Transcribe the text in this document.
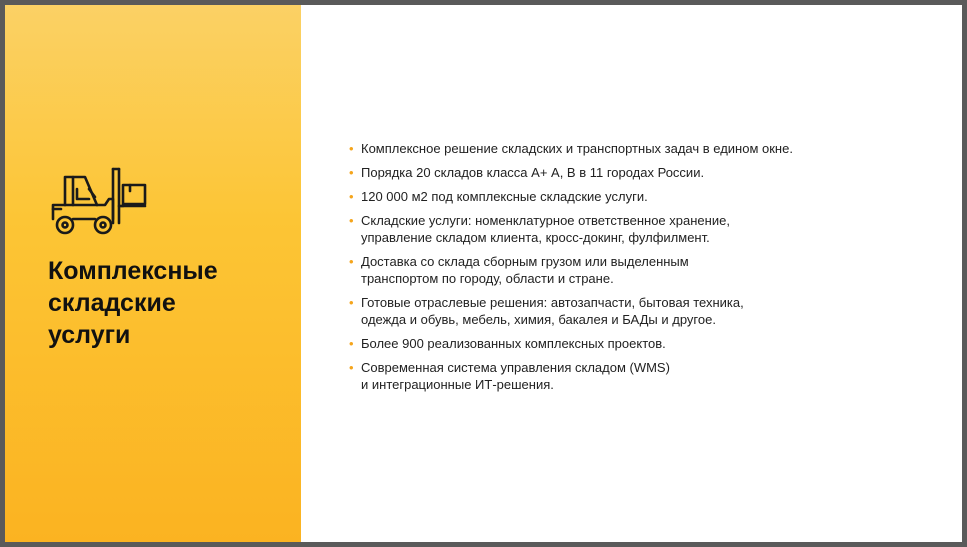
Комплексные
складские
услуги
• Комплексное решение складских и транспортных задач в едином окне.
• Порядка 20 складов класса А+ А, В в 11 городах России.
• 120 000 м2 под комплексные складские услуги.
• Складские услуги: номенклатурное ответственное хранение,
управление складом клиента, кросс-докинг, фулфилмент.
• Доставка со склада сборным грузом или выделенным
транспортом по городу, области и стране.
• Готовые отраслевые решения: автозапчасти, бытовая техника,
одежда и обувь, мебель, химия, бакалея и БАДы и другое.
• Более 900 реализованных комплексных проектов.
• Современная система управления складом (WMS)
и интеграционные ИТ-решения.
